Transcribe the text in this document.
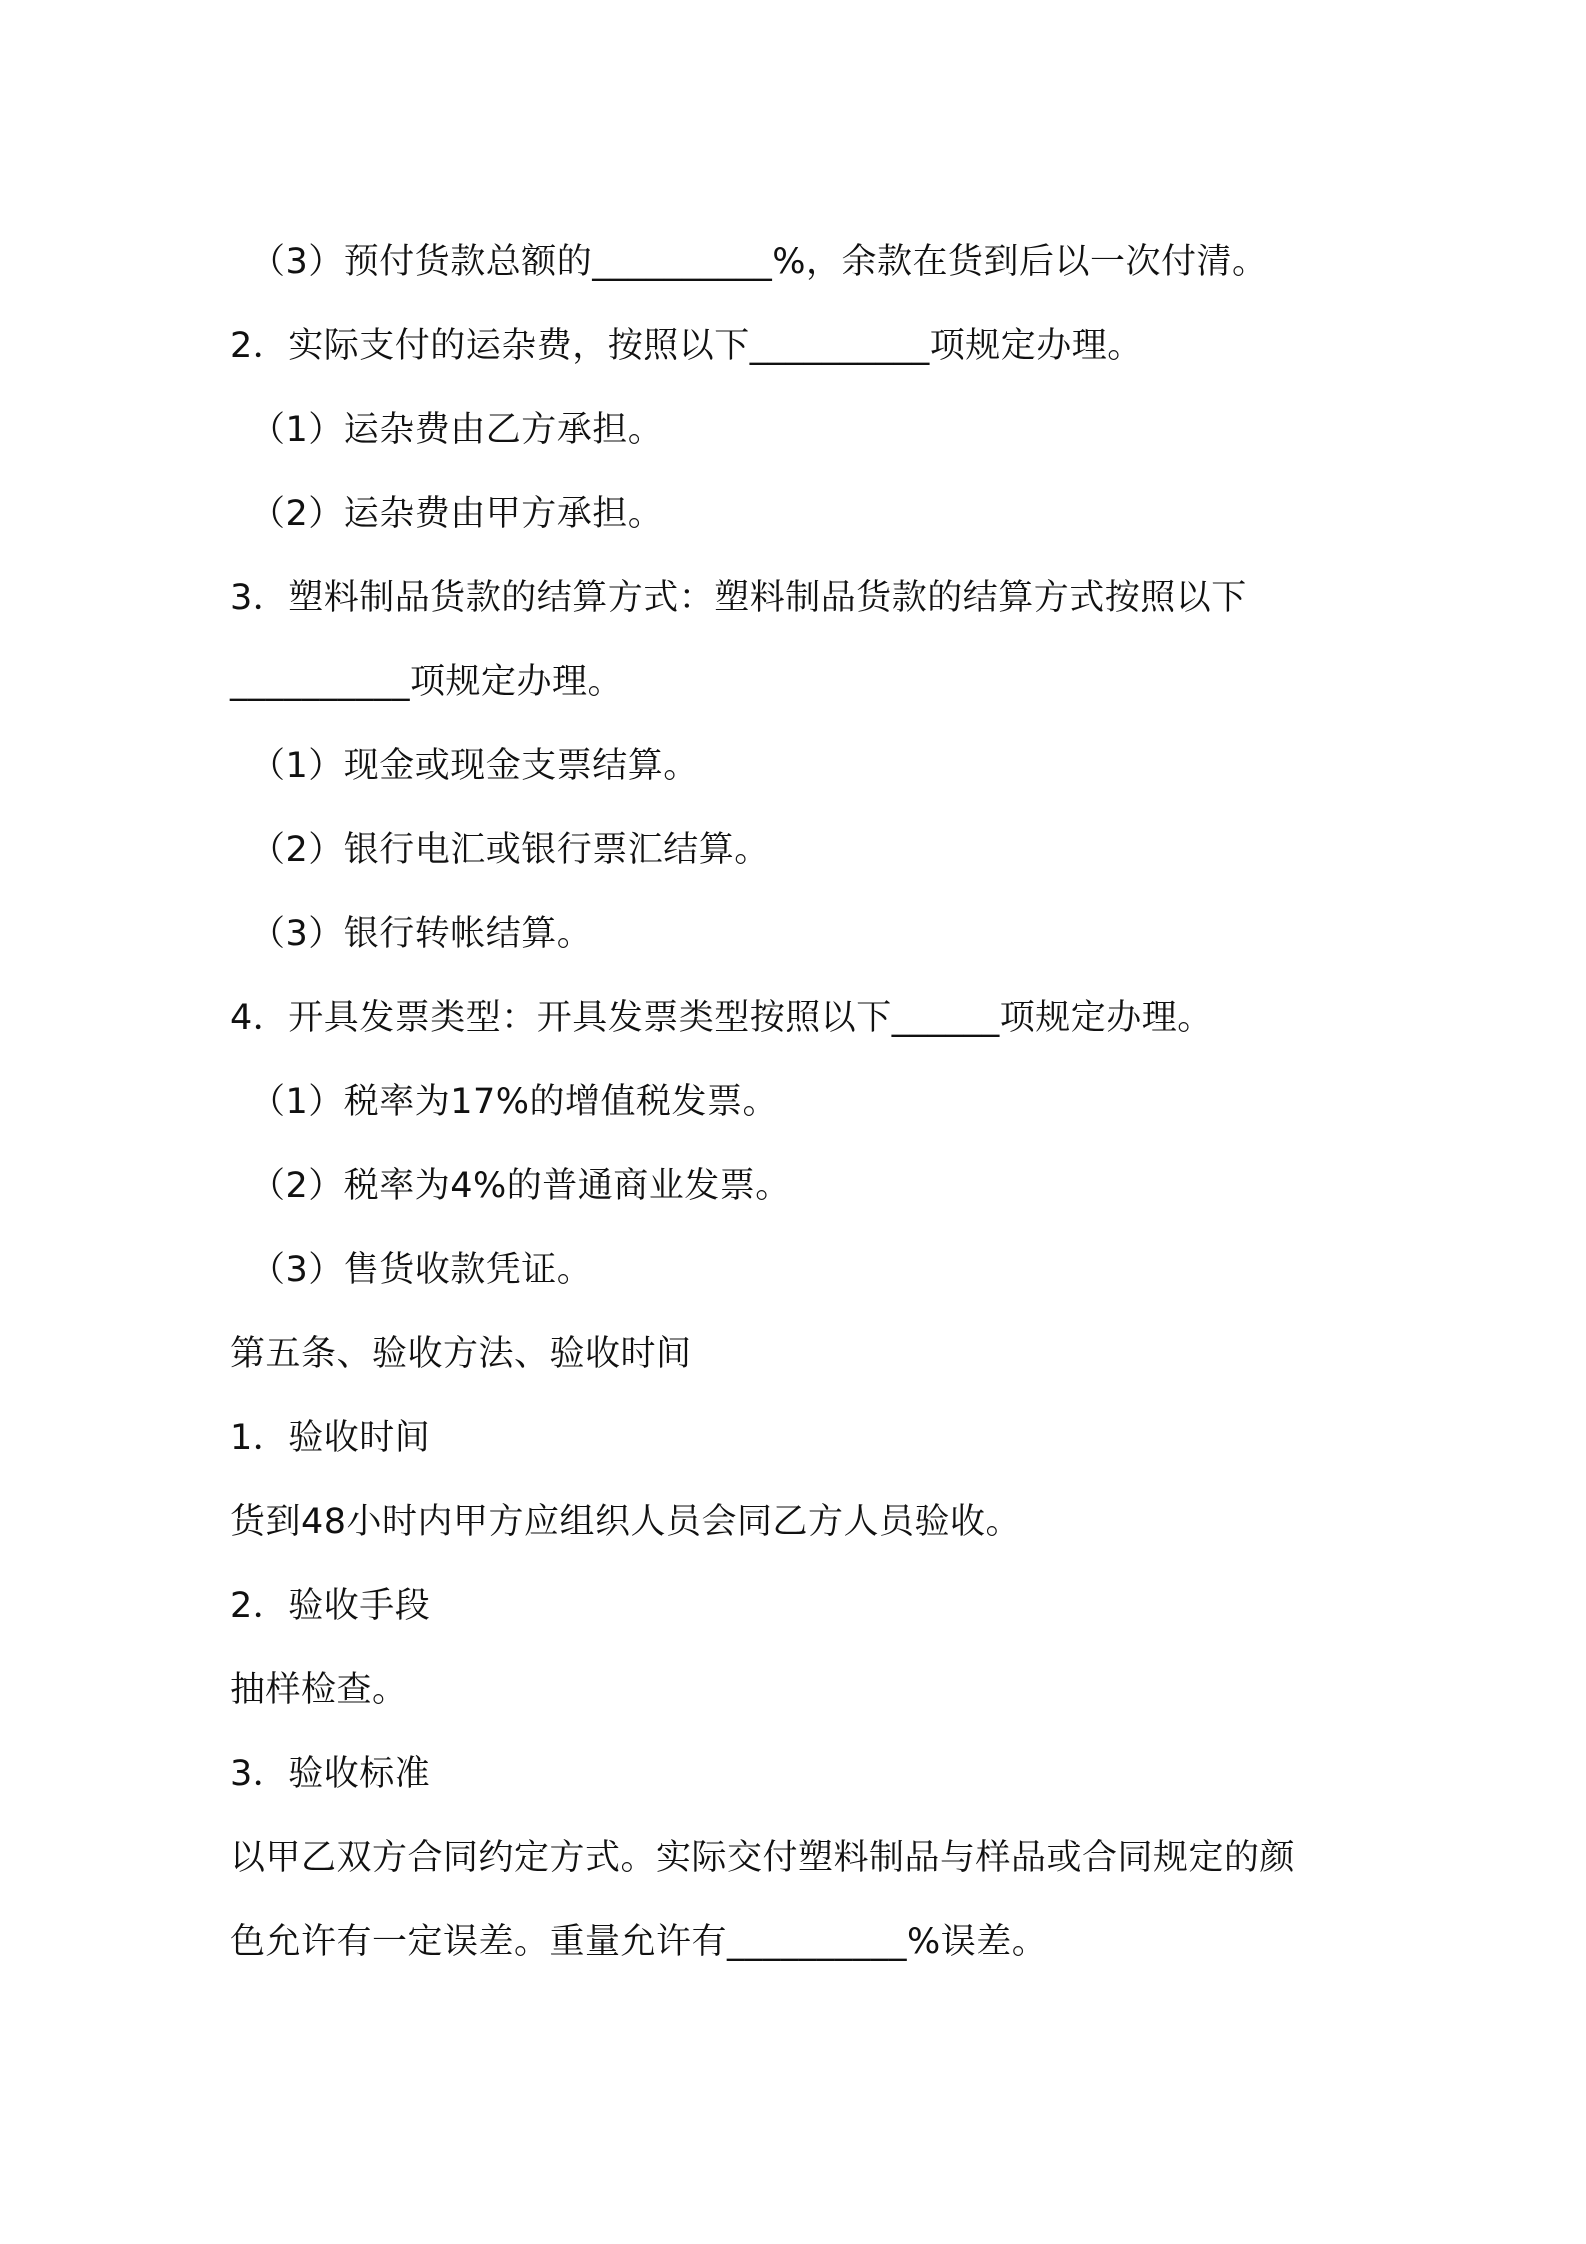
（3）预付货款总额的__________%，余款在货到后以一次付清。
2．实际支付的运杂费，按照以下__________项规定办理。
（1）运杂费由乙方承担。
（2）运杂费由甲方承担。
3．塑料制品货款的结算方式：塑料制品货款的结算方式按照以下
__________项规定办理。
（1）现金或现金支票结算。
（2）银行电汇或银行票汇结算。
（3）银行转帐结算。
4．开具发票类型：开具发票类型按照以下______项规定办理。
（1）税率为17%的增值税发票。
（2）税率为4%的普通商业发票。
（3）售货收款凭证。
第五条、验收方法、验收时间
1．验收时间
货到48小时内甲方应组织人员会同乙方人员验收。
2．验收手段
抽样检查。
3．验收标准
以甲乙双方合同约定方式。实际交付塑料制品与样品或合同规定的颜
色允许有一定误差。重量允许有__________%误差。
